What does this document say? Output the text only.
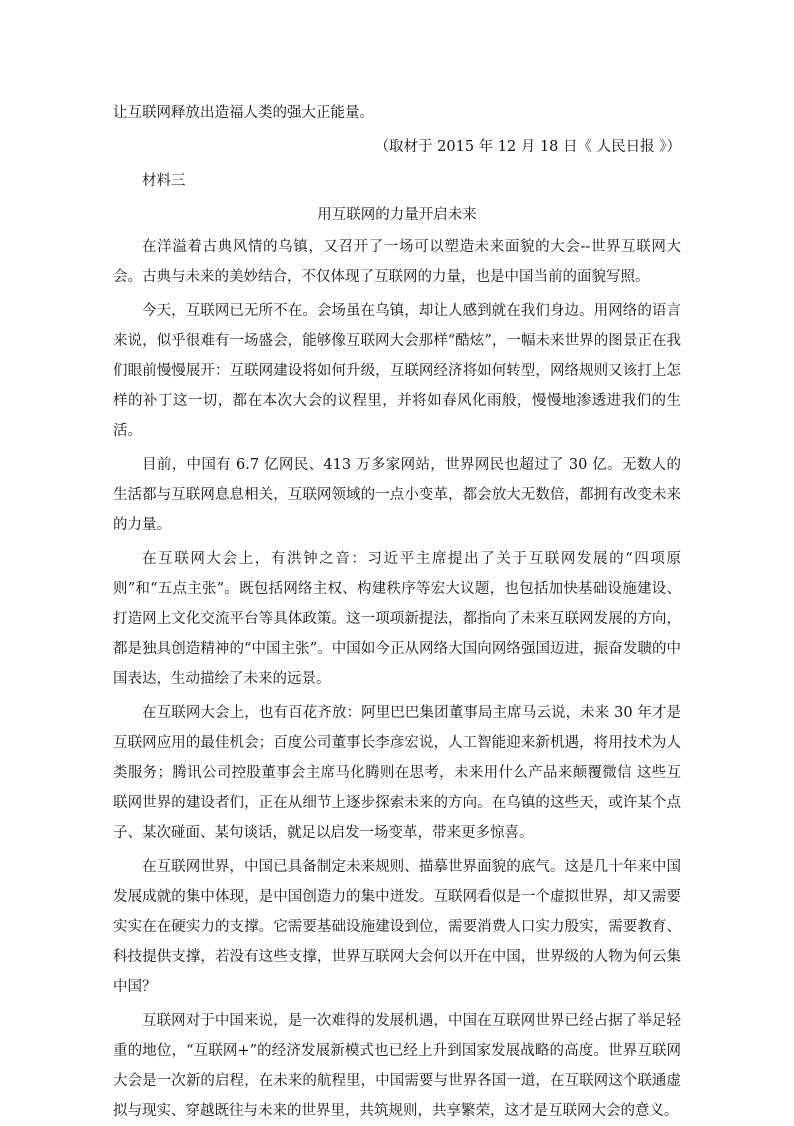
让互联网释放出造福人类的强大正能量。

（取材于 2015 年 12 月 18 日《 人民日报 》）

材料三

用互联网的力量开启未来

在洋溢着古典风情的乌镇，又召开了一场可以塑造未来面貌的大会--世界互联网大会。古典与未来的美妙结合，不仅体现了互联网的力量，也是中国当前的面貌写照。

今天，互联网已无所不在。会场虽在乌镇，却让人感到就在我们身边。用网络的语言来说，似乎很难有一场盛会，能够像互联网大会那样“酷炫”，一幅未来世界的图景正在我们眼前慢慢展开：互联网建设将如何升级，互联网经济将如何转型，网络规则又该打上怎样的补丁这一切，都在本次大会的议程里，并将如春风化雨般，慢慢地渗透进我们的生活。

目前，中国有 6.7 亿网民、413 万多家网站，世界网民也超过了 30 亿。无数人的生活都与互联网息息相关，互联网领域的一点小变革，都会放大无数倍，都拥有改变未来的力量。

在互联网大会上，有洪钟之音：习近平主席提出了关于互联网发展的“四项原则”和“五点主张”。既包括网络主权、构建秩序等宏大议题，也包括加快基础设施建设、打造网上文化交流平台等具体政策。这一项项新提法，都指向了未来互联网发展的方向，都是独具创造精神的“中国主张”。中国如今正从网络大国向网络强国迈进，振奋发聩的中国表达，生动描绘了未来的远景。

在互联网大会上，也有百花齐放：阿里巴巴集团董事局主席马云说，未来 30 年才是互联网应用的最佳机会；百度公司董事长李彦宏说，人工智能迎来新机遇，将用技术为人类服务；腾讯公司控股董事会主席马化腾则在思考，未来用什么产品来颠覆微信 这些互联网世界的建设者们，正在从细节上逐步探索未来的方向。在乌镇的这些天，或许某个点子、某次碰面、某句谈话，就足以启发一场变革，带来更多惊喜。

在互联网世界，中国已具备制定未来规则、描摹世界面貌的底气。这是几十年来中国发展成就的集中体现，是中国创造力的集中迸发。互联网看似是一个虚拟世界，却又需要实实在在硬实力的支撑。它需要基础设施建设到位，需要消费人口实力殷实，需要教育、科技提供支撑，若没有这些支撑，世界互联网大会何以开在中国，世界级的人物为何云集中国？

互联网对于中国来说，是一次难得的发展机遇，中国在互联网世界已经占据了举足轻重的地位，“互联网+”的经济发展新模式也已经上升到国家发展战略的高度。世界互联网大会是一次新的启程，在未来的航程里，中国需要与世界各国一道，在互联网这个联通虚拟与现实、穿越既往与未来的世界里，共筑规则，共享繁荣，这才是互联网大会的意义。
